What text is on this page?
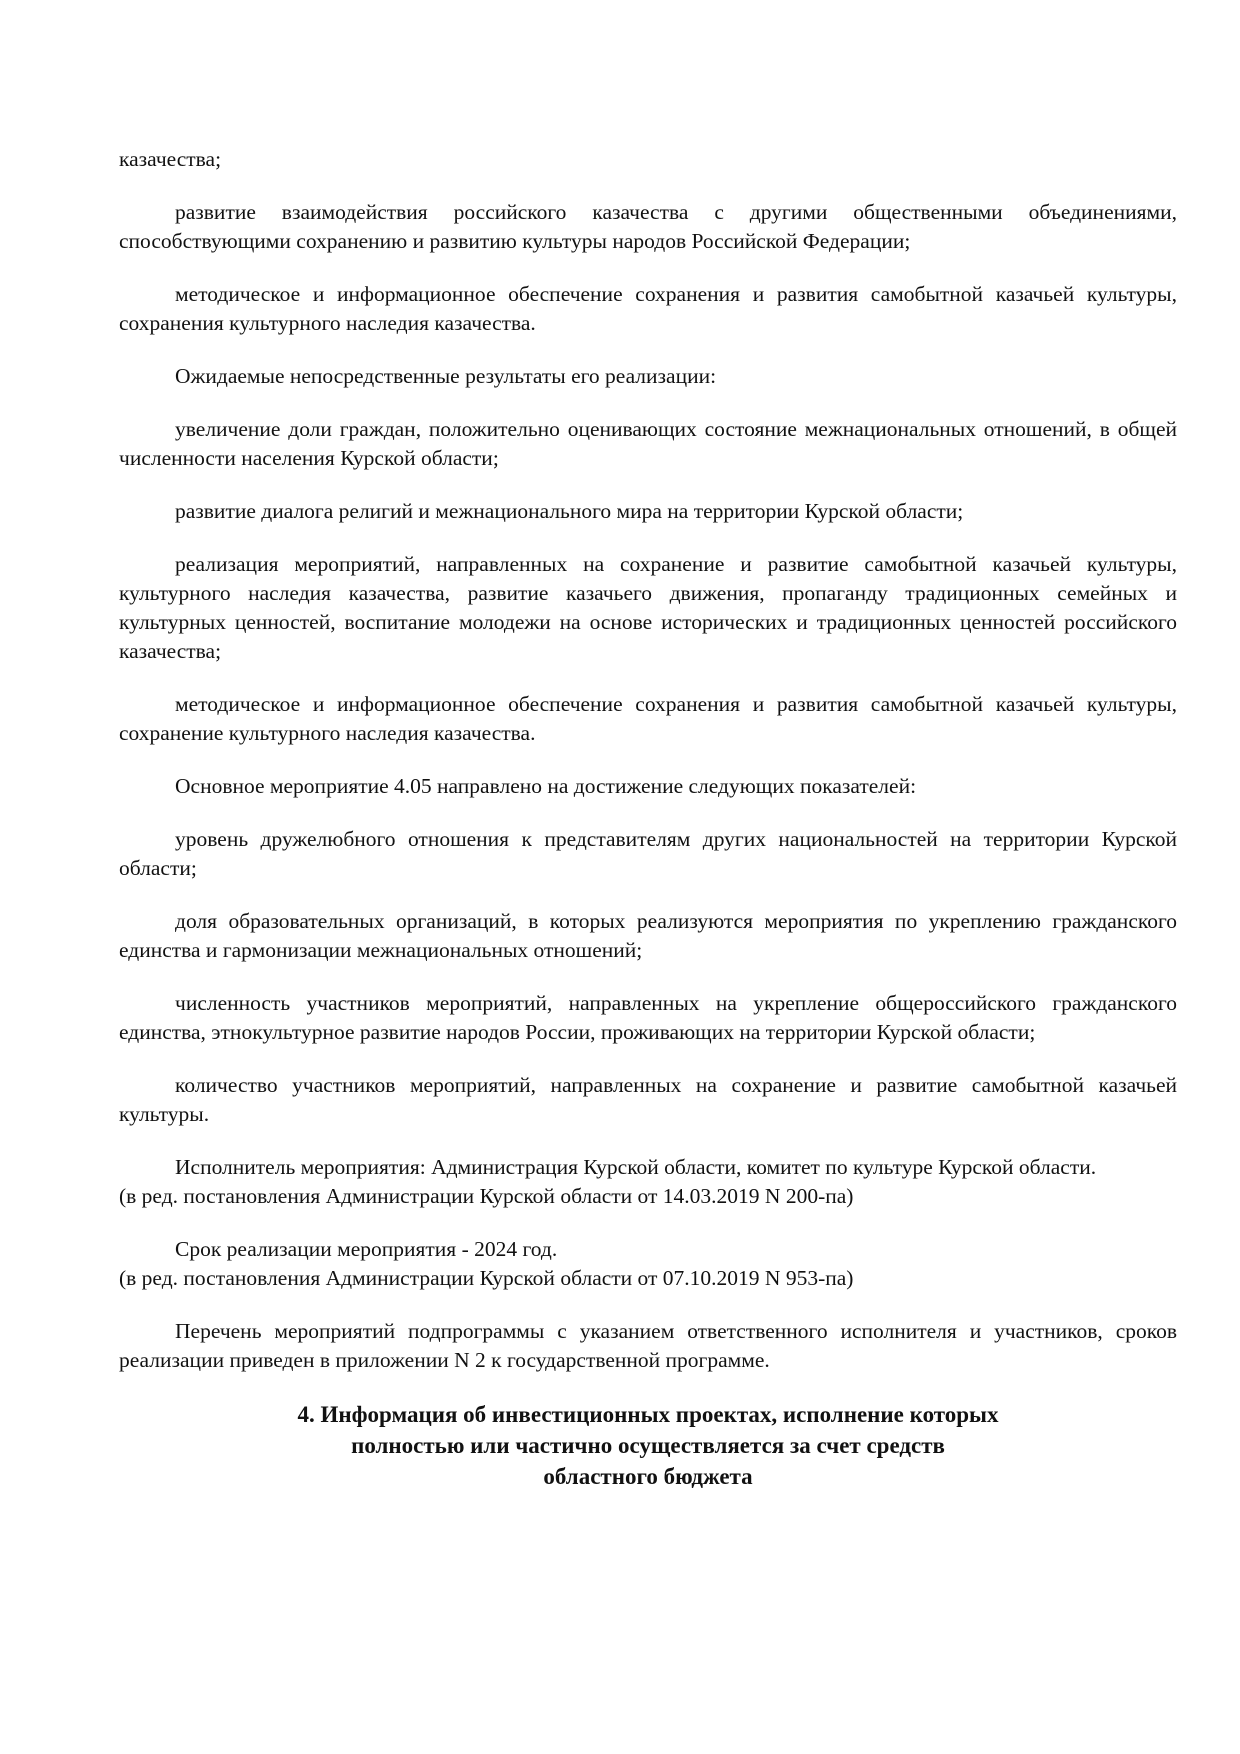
казачества;

развитие взаимодействия российского казачества с другими общественными объединениями, способствующими сохранению и развитию культуры народов Российской Федерации;

методическое и информационное обеспечение сохранения и развития самобытной казачьей культуры, сохранения культурного наследия казачества.

Ожидаемые непосредственные результаты его реализации:

увеличение доли граждан, положительно оценивающих состояние межнациональных отношений, в общей численности населения Курской области;

развитие диалога религий и межнационального мира на территории Курской области;

реализация мероприятий, направленных на сохранение и развитие самобытной казачьей культуры, культурного наследия казачества, развитие казачьего движения, пропаганду традиционных семейных и культурных ценностей, воспитание молодежи на основе исторических и традиционных ценностей российского казачества;

методическое и информационное обеспечение сохранения и развития самобытной казачьей культуры, сохранение культурного наследия казачества.

Основное мероприятие 4.05 направлено на достижение следующих показателей:

уровень дружелюбного отношения к представителям других национальностей на территории Курской области;

доля образовательных организаций, в которых реализуются мероприятия по укреплению гражданского единства и гармонизации межнациональных отношений;

численность участников мероприятий, направленных на укрепление общероссийского гражданского единства, этнокультурное развитие народов России, проживающих на территории Курской области;

количество участников мероприятий, направленных на сохранение и развитие самобытной казачьей культуры.

Исполнитель мероприятия: Администрация Курской области, комитет по культуре Курской области.
(в ред. постановления Администрации Курской области от 14.03.2019 N 200-па)

Срок реализации мероприятия - 2024 год.
(в ред. постановления Администрации Курской области от 07.10.2019 N 953-па)

Перечень мероприятий подпрограммы с указанием ответственного исполнителя и участников, сроков реализации приведен в приложении N 2 к государственной программе.

4. Информация об инвестиционных проектах, исполнение которых
полностью или частично осуществляется за счет средств
областного бюджета
